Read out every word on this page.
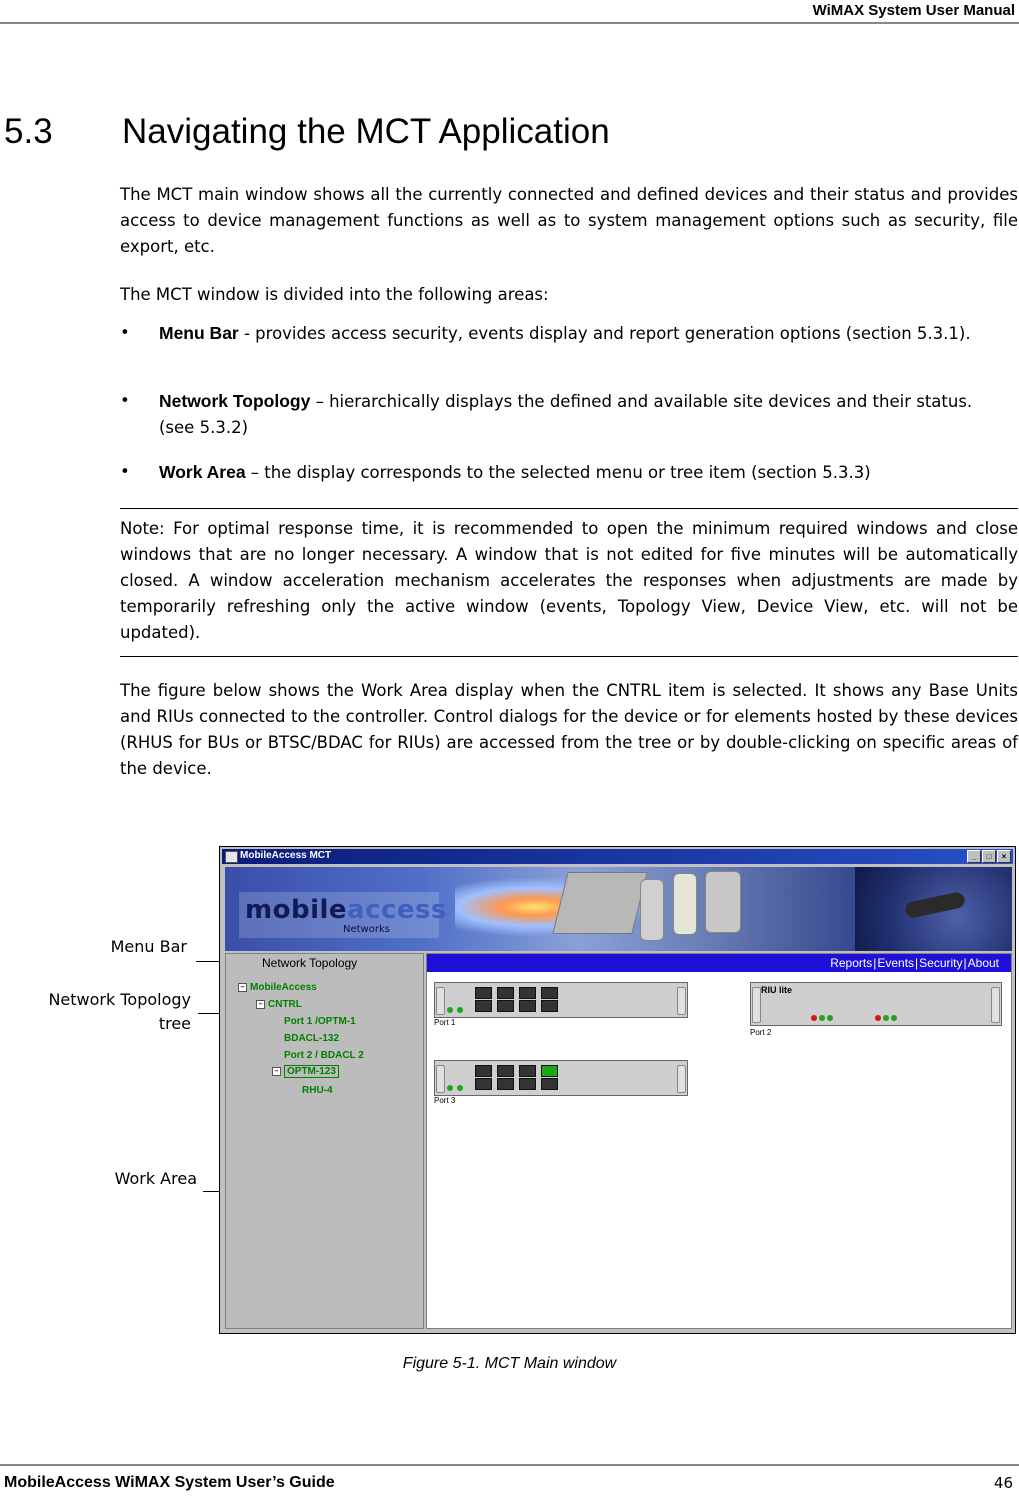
WiMAX System User Manual
5.3 Navigating the MCT Application
The MCT main window shows all the currently connected and defined devices and their status and provides access to device management functions as well as to system management options such as security, file export, etc.
The MCT window is divided into the following areas:
•	Menu Bar - provides access security, events display and report generation options (section 5.3.1).
•	Network Topology – hierarchically displays the defined and available site devices and their status. (see 5.3.2)
•	Work Area – the display corresponds to the selected menu or tree item (section 5.3.3)
Note: For optimal response time, it is recommended to open the minimum required windows and close windows that are no longer necessary. A window that is not edited for five minutes will be automatically closed. A window acceleration mechanism accelerates the responses when adjustments are made by temporarily refreshing only the active window (events, Topology View, Device View, etc. will not be updated).
The figure below shows the Work Area display when the CNTRL item is selected. It shows any Base Units and RIUs connected to the controller. Control dialogs for the device or for elements hosted by these devices (RHUS for BUs or BTSC/BDAC for RIUs) are accessed from the tree or by double-clicking on specific areas of the device.
Menu Bar
Network Topology
tree
Work Area
MobileAccess MCT	_ □ ×
mobileaccess
Networks
Network Topology
– MobileAccess
– CNTRL
Port 1 /OPTM-1
BDACL-132
Port 2 / BDACL 2
– OPTM-123
RHU-4
Reports|Events|Security|About
Port 1
RIU lite
Port 2
Port 3
Figure 5-1. MCT Main window
MobileAccess WiMAX System User’s Guide	46
